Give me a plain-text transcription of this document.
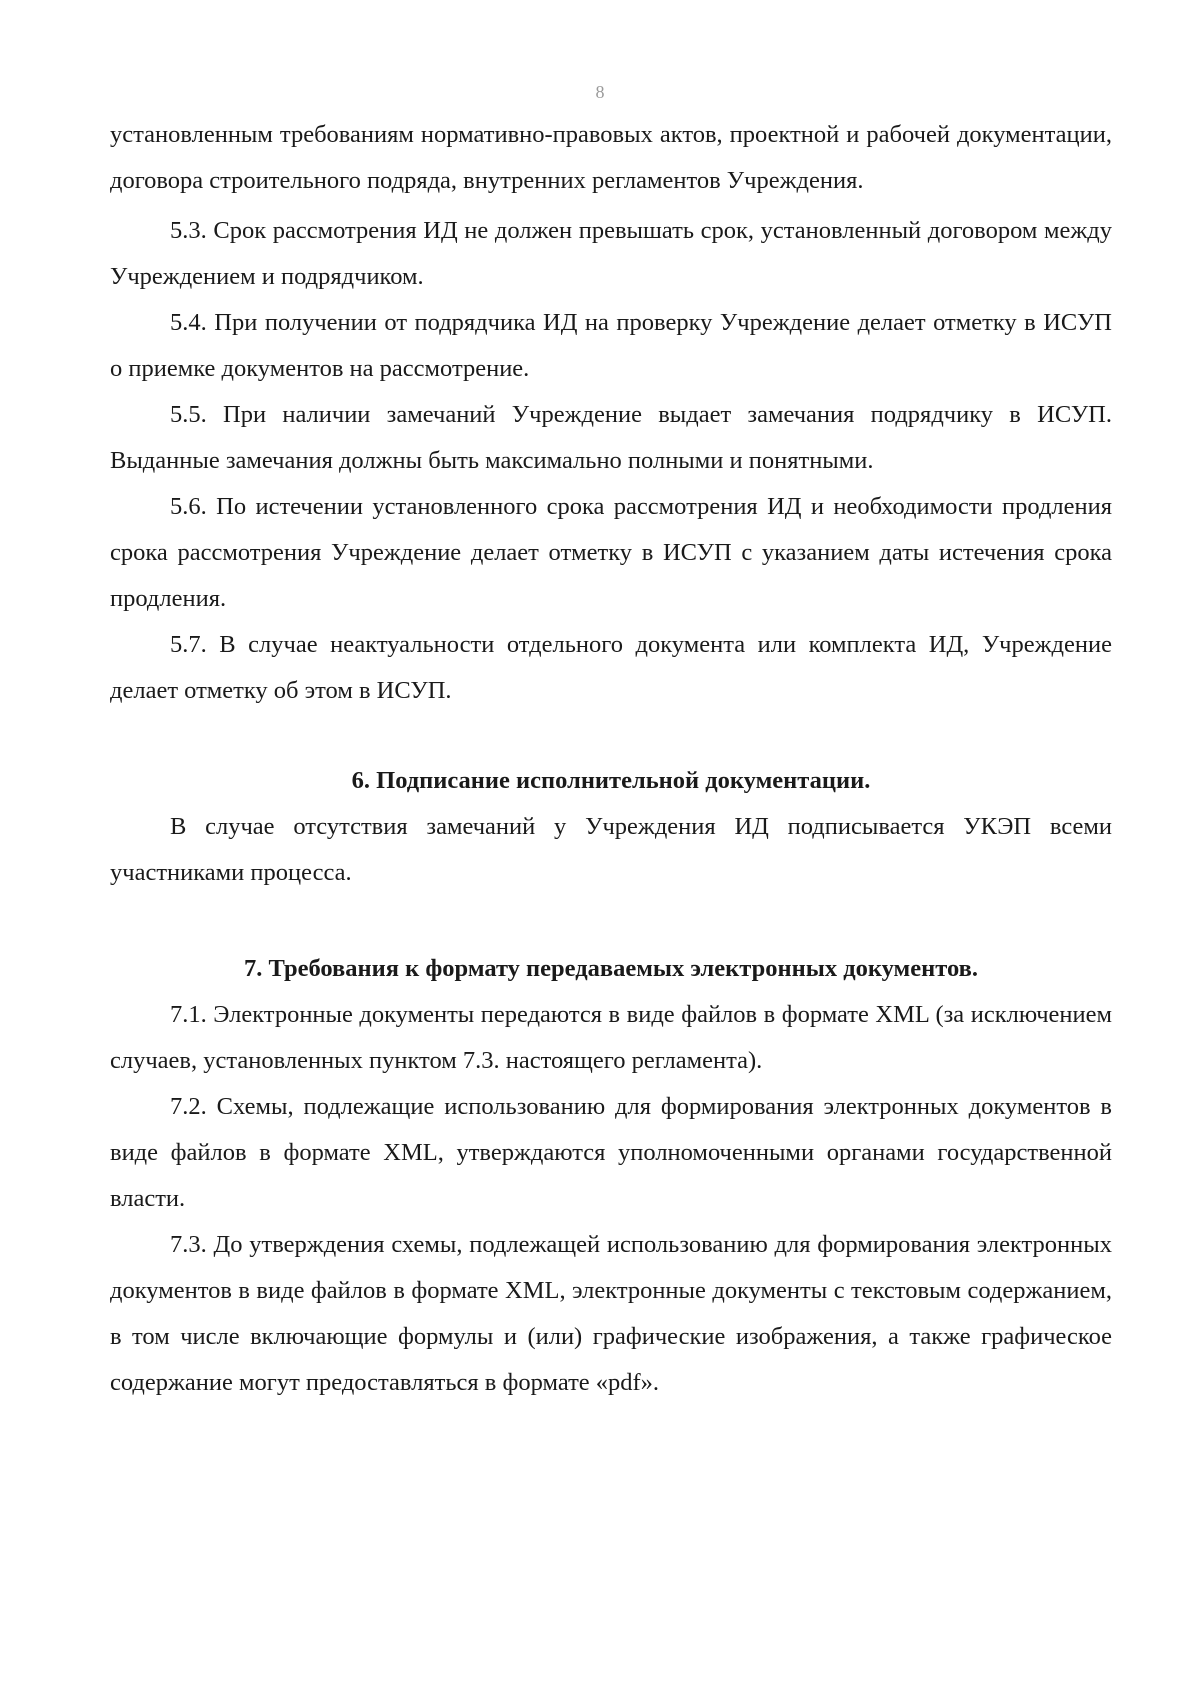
8

установленным требованиям нормативно-правовых актов, проектной и рабочей документации, договора строительного подряда, внутренних регламентов Учреждения.

5.3. Срок рассмотрения ИД не должен превышать срок, установленный договором между Учреждением и подрядчиком.

5.4. При получении от подрядчика ИД на проверку Учреждение делает отметку в ИСУП о приемке документов на рассмотрение.

5.5. При наличии замечаний Учреждение выдает замечания подрядчику в ИСУП. Выданные замечания должны быть максимально полными и понятными.

5.6. По истечении установленного срока рассмотрения ИД и необходимости продления срока рассмотрения Учреждение делает отметку в ИСУП с указанием даты истечения срока продления.

5.7. В случае неактуальности отдельного документа или комплекта ИД, Учреждение делает отметку об этом в ИСУП.

6. Подписание исполнительной документации.

В случае отсутствия замечаний у Учреждения ИД подписывается УКЭП всеми участниками процесса.

7. Требования к формату передаваемых электронных документов.

7.1. Электронные документы передаются в виде файлов в формате XML (за исключением случаев, установленных пунктом 7.3. настоящего регламента).

7.2. Схемы, подлежащие использованию для формирования электронных документов в виде файлов в формате XML, утверждаются уполномоченными органами государственной власти.

7.3. До утверждения схемы, подлежащей использованию для формирования электронных документов в виде файлов в формате XML, электронные документы с текстовым содержанием, в том числе включающие формулы и (или) графические изображения, а также графическое содержание могут предоставляться в формате «pdf».
